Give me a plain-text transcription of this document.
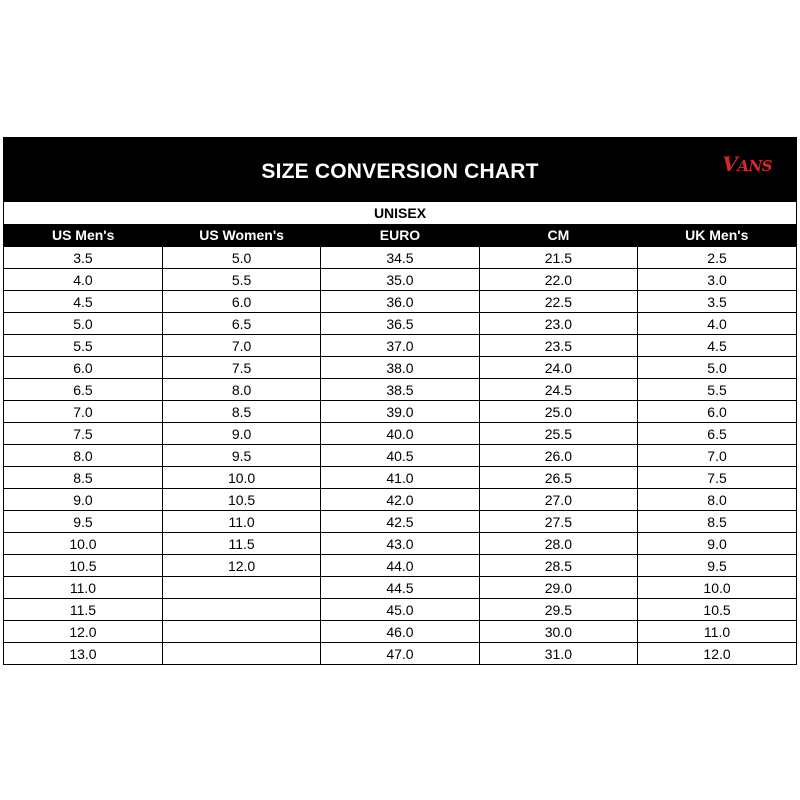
SIZE CONVERSION CHART	VANS
UNISEX
US Men's	US Women's	EURO	CM	UK Men's
3.5	5.0	34.5	21.5	2.5
4.0	5.5	35.0	22.0	3.0
4.5	6.0	36.0	22.5	3.5
5.0	6.5	36.5	23.0	4.0
5.5	7.0	37.0	23.5	4.5
6.0	7.5	38.0	24.0	5.0
6.5	8.0	38.5	24.5	5.5
7.0	8.5	39.0	25.0	6.0
7.5	9.0	40.0	25.5	6.5
8.0	9.5	40.5	26.0	7.0
8.5	10.0	41.0	26.5	7.5
9.0	10.5	42.0	27.0	8.0
9.5	11.0	42.5	27.5	8.5
10.0	11.5	43.0	28.0	9.0
10.5	12.0	44.0	28.5	9.5
11.0		44.5	29.0	10.0
11.5		45.0	29.5	10.5
12.0		46.0	30.0	11.0
13.0		47.0	31.0	12.0
